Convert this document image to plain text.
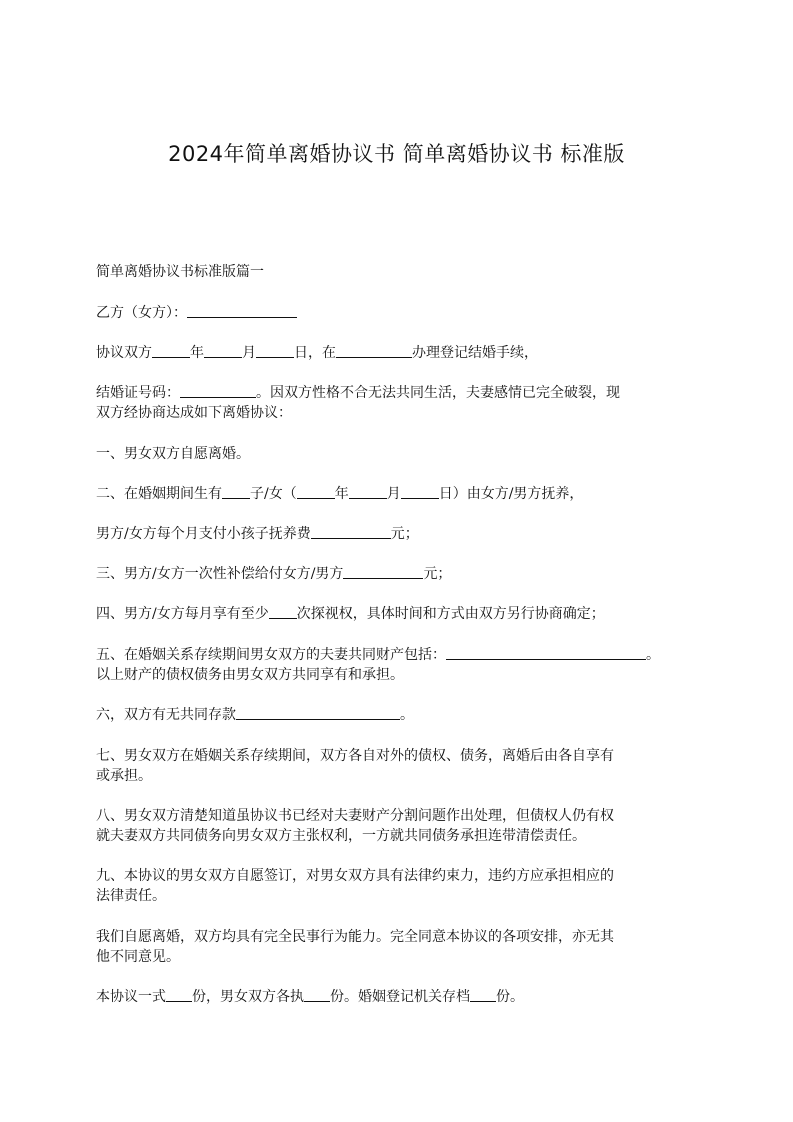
2024年简单离婚协议书 简单离婚协议书 标准版
简单离婚协议书标准版篇一
乙方（女方）：
协议双方	年	月	日，在	办理登记结婚手续，
结婚证号码：	。因双方性格不合无法共同生活，夫妻感情已完全破裂，现
双方经协商达成如下离婚协议：
一、男女双方自愿离婚。
二、在婚姻期间生有 子/女（	年	月	日）由女方/男方抚养，
男方/女方每个月支付小孩子抚养费	元；
三、男方/女方一次性补偿给付女方/男方	元；
四、男方/女方每月享有至少 次探视权，具体时间和方式由双方另行协商确定；
五、在婚姻关系存续期间男女双方的夫妻共同财产包括：	。
以上财产的债权债务由男女双方共同享有和承担。
六，双方有无共同存款	。
七、男女双方在婚姻关系存续期间，双方各自对外的债权、债务，离婚后由各自享有
或承担。
八、男女双方清楚知道虽协议书已经对夫妻财产分割问题作出处理，但债权人仍有权
就夫妻双方共同债务向男女双方主张权利，一方就共同债务承担连带清偿责任。
九、本协议的男女双方自愿签订，对男女双方具有法律约束力，违约方应承担相应的
法律责任。
我们自愿离婚，双方均具有完全民事行为能力。完全同意本协议的各项安排，亦无其
他不同意见。
本协议一式 份，男女双方各执 份。婚姻登记机关存档 份。
